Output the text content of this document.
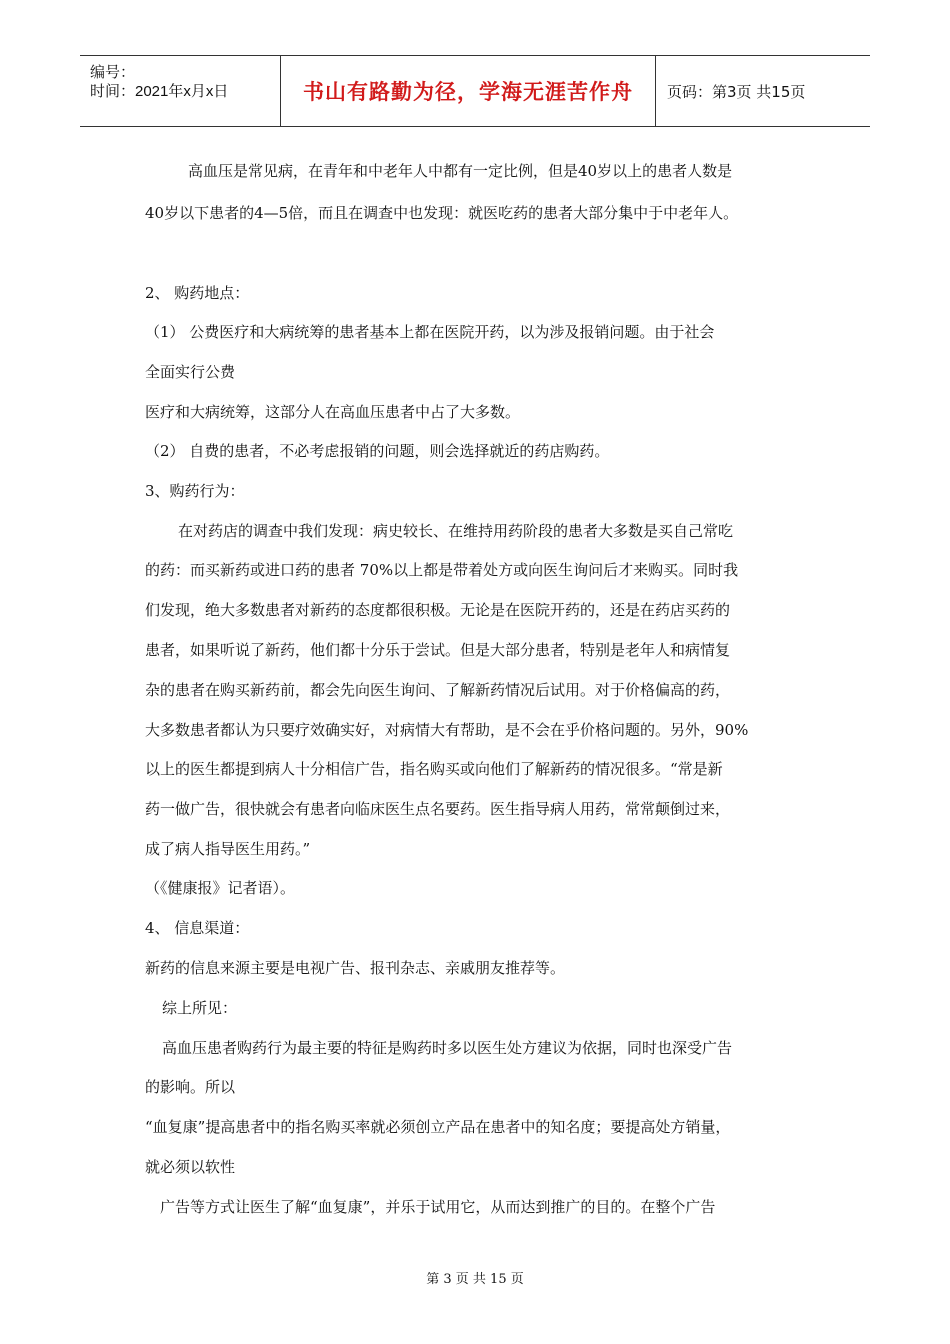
编号：
时间：2021年x月x日	书山有路勤为径，学海无涯苦作舟 页码：第3页 共15页
高血压是常见病，在青年和中老年人中都有一定比例，但是40岁以上的患者人数是
40岁以下患者的4—5倍，而且在调查中也发现：就医吃药的患者大部分集中于中老年人。
2、 购药地点：
（1） 公费医疗和大病统筹的患者基本上都在医院开药，以为涉及报销问题。由于社会
全面实行公费
医疗和大病统筹，这部分人在高血压患者中占了大多数。
（2） 自费的患者，不必考虑报销的问题，则会选择就近的药店购药。
3、购药行为：
在对药店的调查中我们发现：病史较长、在维持用药阶段的患者大多数是买自己常吃
的药：而买新药或进口药的患者 70%以上都是带着处方或向医生询问后才来购买。同时我
们发现，绝大多数患者对新药的态度都很积极。无论是在医院开药的，还是在药店买药的
患者，如果听说了新药，他们都十分乐于尝试。但是大部分患者，特别是老年人和病情复
杂的患者在购买新药前，都会先向医生询问、了解新药情况后试用。对于价格偏高的药，
大多数患者都认为只要疗效确实好，对病情大有帮助，是不会在乎价格问题的。另外，90%
以上的医生都提到病人十分相信广告，指名购买或向他们了解新药的情况很多。“常是新
药一做广告，很快就会有患者向临床医生点名要药。医生指导病人用药，常常颠倒过来，
成了病人指导医生用药。”
（《健康报》记者语）。
4、 信息渠道：
新药的信息来源主要是电视广告、报刊杂志、亲戚朋友推荐等。
综上所见：
高血压患者购药行为最主要的特征是购药时多以医生处方建议为依据，同时也深受广告
的影响。所以
“血复康”提高患者中的指名购买率就必须创立产品在患者中的知名度；要提高处方销量，
就必须以软性
广告等方式让医生了解“血复康”，并乐于试用它，从而达到推广的目的。在整个广告
第 3 页 共 15 页
